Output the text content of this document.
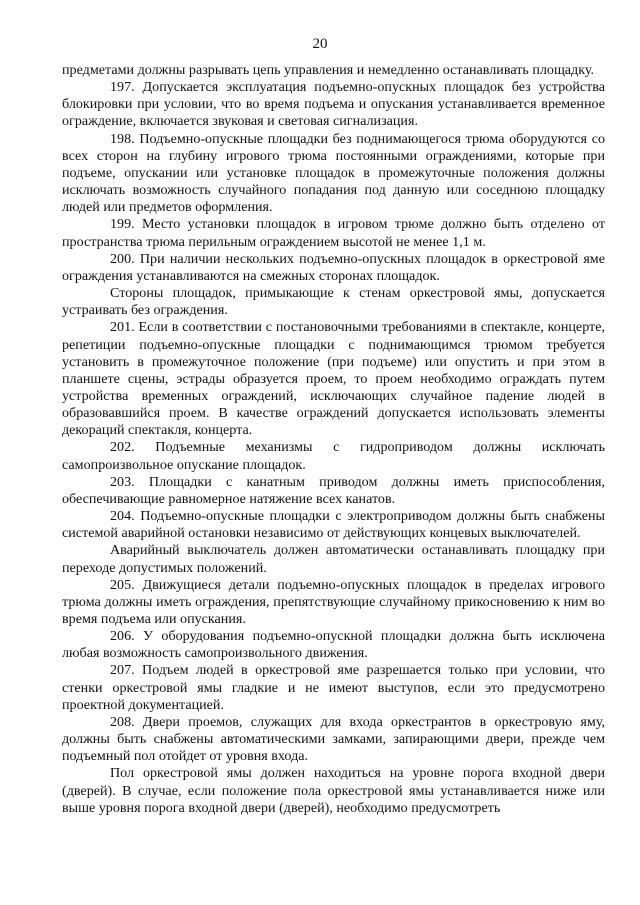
20

предметами должны разрывать цепь управления и немедленно останавливать площадку.

197. Допускается эксплуатация подъемно-опускных площадок без устройства блокировки при условии, что во время подъема и опускания устанавливается временное ограждение, включается звуковая и световая сигнализация.

198. Подъемно-опускные площадки без поднимающегося трюма оборудуются со всех сторон на глубину игрового трюма постоянными ограждениями, которые при подъеме, опускании или установке площадок в промежуточные положения должны исключать возможность случайного попадания под данную или соседнюю площадку людей или предметов оформления.

199. Место установки площадок в игровом трюме должно быть отделено от пространства трюма перильным ограждением высотой не менее 1,1 м.

200. При наличии нескольких подъемно-опускных площадок в оркестровой яме ограждения устанавливаются на смежных сторонах площадок.

Стороны площадок, примыкающие к стенам оркестровой ямы, допускается устраивать без ограждения.

201. Если в соответствии с постановочными требованиями в спектакле, концерте, репетиции подъемно-опускные площадки с поднимающимся трюмом требуется установить в промежуточное положение (при подъеме) или опустить и при этом в планшете сцены, эстрады образуется проем, то проем необходимо ограждать путем устройства временных ограждений, исключающих случайное падение людей в образовавшийся проем. В качестве ограждений допускается использовать элементы декораций спектакля, концерта.

202. Подъемные механизмы с гидроприводом должны исключать самопроизвольное опускание площадок.

203. Площадки с канатным приводом должны иметь приспособления, обеспечивающие равномерное натяжение всех канатов.

204. Подъемно-опускные площадки с электроприводом должны быть снабжены системой аварийной остановки независимо от действующих концевых выключателей.

Аварийный выключатель должен автоматически останавливать площадку при переходе допустимых положений.

205. Движущиеся детали подъемно-опускных площадок в пределах игрового трюма должны иметь ограждения, препятствующие случайному прикосновению к ним во время подъема или опускания.

206. У оборудования подъемно-опускной площадки должна быть исключена любая возможность самопроизвольного движения.

207. Подъем людей в оркестровой яме разрешается только при условии, что стенки оркестровой ямы гладкие и не имеют выступов, если это предусмотрено проектной документацией.

208. Двери проемов, служащих для входа оркестрантов в оркестровую яму, должны быть снабжены автоматическими замками, запирающими двери, прежде чем подъемный пол отойдет от уровня входа.

Пол оркестровой ямы должен находиться на уровне порога входной двери (дверей). В случае, если положение пола оркестровой ямы устанавливается ниже или выше уровня порога входной двери (дверей), необходимо предусмотреть
